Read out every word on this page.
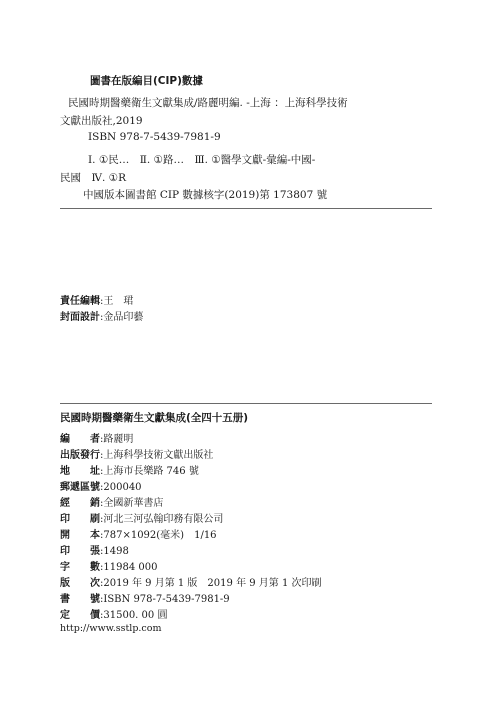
圖書在版編目(CIP)數據
民國時期醫藥衛生文獻集成/路麗明編. -上海 ：上海科學技術
文獻出版社,2019
ISBN 978-7-5439-7981-9
Ⅰ. ①民…　Ⅱ. ①路…　Ⅲ. ①醫學文獻-彙編-中國-
民國　Ⅳ. ①R
中國版本圖書館 CIP 數據核字(2019)第 173807 號
責任編輯:王　珺
封面設計:金品印藝
民國時期醫藥衛生文獻集成(全四十五册)
編　　者:路麗明
出版發行:上海科學技術文獻出版社
地　　址:上海市長樂路 746 號
郵遞區號:200040
經　　銷:全國新華書店
印　　刷:河北三河弘翰印務有限公司
開　　本:787×1092(毫米)　1/16
印　　張:1498
字　　數:11984 000
版　　次:2019 年 9 月第 1 版　2019 年 9 月第 1 次印刷
書　　號:ISBN 978-7-5439-7981-9
定　　價:31500. 00 圓
http://www.sstlp.com
